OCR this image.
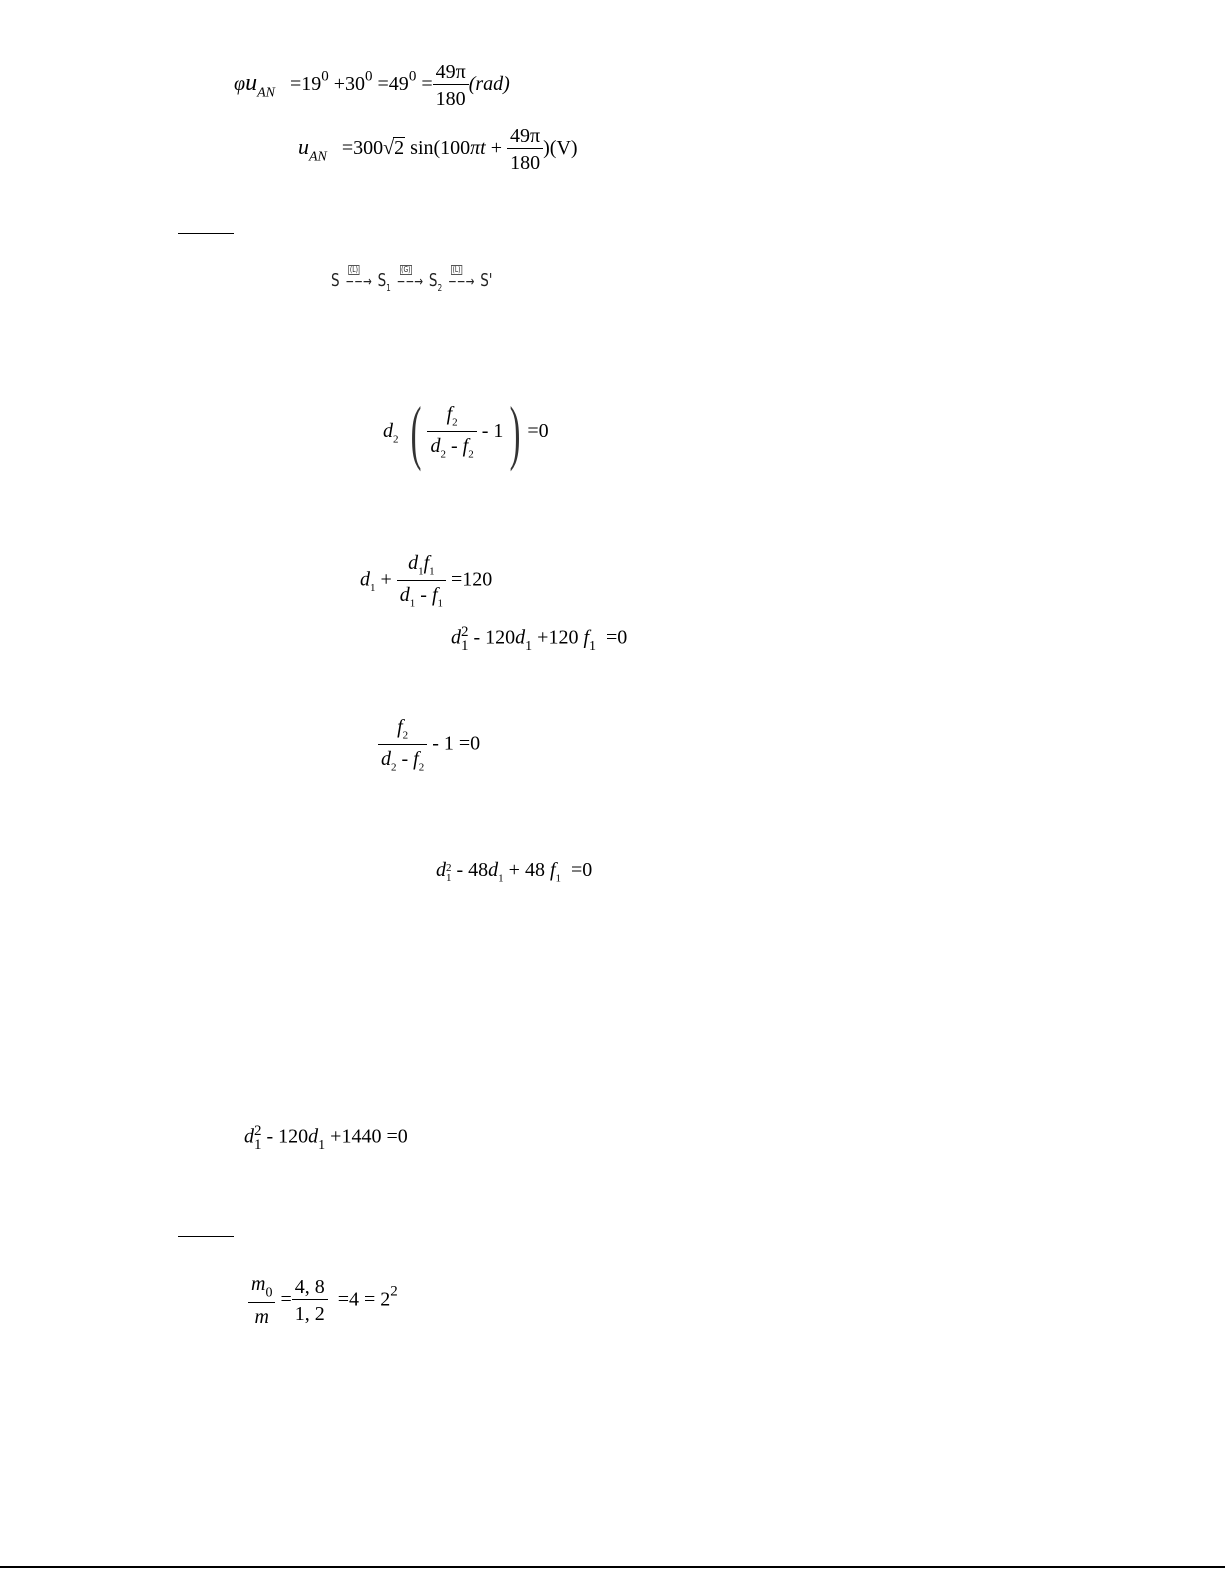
$\varphi u_{AN} =19^0 +30^0 =49^0 = \frac{49\pi}{180} (rad)$
$u_{AN} =300√2$ $\sin(100\pi t + \frac{49\pi}{180} )(V)$
S −−→
(L)
$S_1$ −−→
(G)
$S_2$ −−→
(L)
S'
$d_2$ ( $\frac{f_2}{d_2 - f_2} - 1) =0$
$d_1 + \frac{d_1f_1}{d_1 - f_1} =120$
d 2
$1 - 120d_1 +120$ $f_1 =0$
$\frac{f_2}{d_2 - f_2} - 1 =0$
d 2
$1 - 48d_1 + 48$ $f_1 =0$
d 2
$1 - 120d_1 +1440 =0$
$\frac{m_0}{m} = \frac{4, 8}{1, 2} =4 = 2^2$
